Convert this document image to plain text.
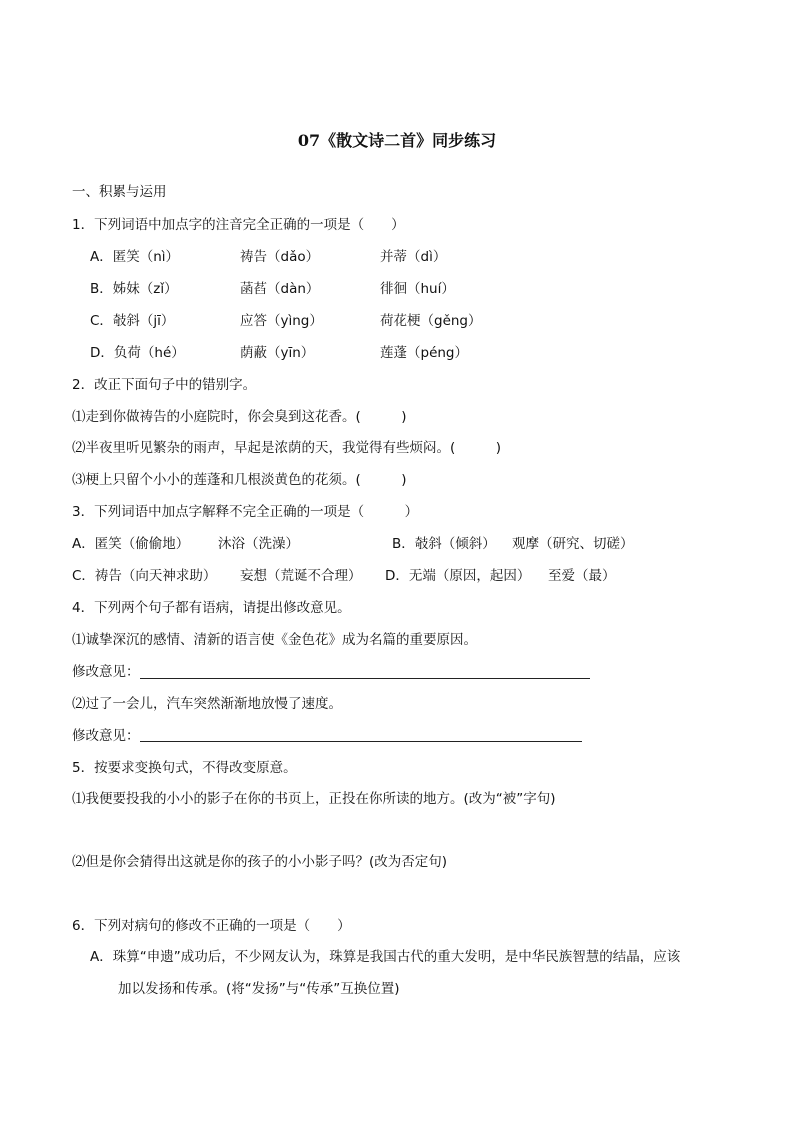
07《散文诗二首》同步练习
一、积累与运用
1．下列词语中加点字的注音完全正确的一项是（　　）
A．匿笑（nì）	祷告（dǎo）	并蒂（dì）
B．姊妹（zǐ）	菡萏（dàn）	徘徊（huí）
C．攲斜（jī）	应答（yìng）	荷花梗（gěng）
D．负荷（hé）	荫蔽（yīn）	莲蓬（péng）
2．改正下面句子中的错别字。
⑴走到你做祷告的小庭院时，你会臭到这花香。(　　　)
⑵半夜里听见繁杂的雨声，早起是浓荫的天，我觉得有些烦闷。(　　　)
⑶梗上只留个小小的莲蓬和几根淡黄色的花须。(　　　)
3．下列词语中加点字解释不完全正确的一项是（　　　）
A．匿笑（偷偷地） 沐浴（洗澡）	B．攲斜（倾斜） 观摩（研究、切磋）
C．祷告（向天神求助） 妄想（荒诞不合理） D．无端（原因，起因） 至爱（最）
4．下列两个句子都有语病，请提出修改意见。
⑴诚挚深沉的感情、清新的语言使《金色花》成为名篇的重要原因。
修改意见：
⑵过了一会儿，汽车突然渐渐地放慢了速度。
修改意见：
5．按要求变换句式，不得改变原意。
⑴我便要投我的小小的影子在你的书页上，正投在你所读的地方。(改为“被”字句)
⑵但是你会猜得出这就是你的孩子的小小影子吗？(改为否定句)
6．下列对病句的修改不正确的一项是（　　）
A．珠算“申遗”成功后，不少网友认为，珠算是我国古代的重大发明，是中华民族智慧的结晶，应该
加以发扬和传承。(将“发扬”与“传承”互换位置)
